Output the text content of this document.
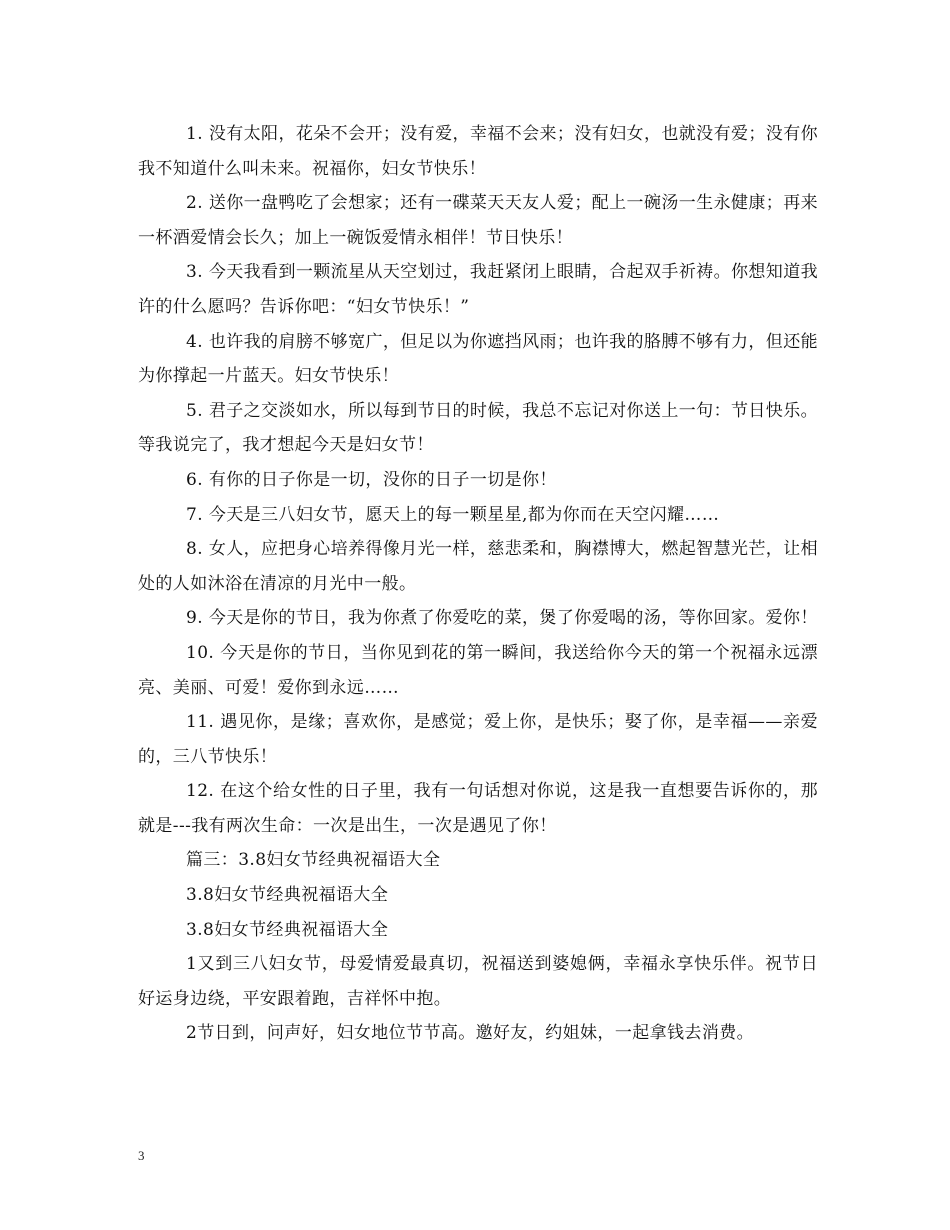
1. 没有太阳，花朵不会开；没有爱，幸福不会来；没有妇女，也就没有爱；没有你我不知道什么叫未来。祝福你，妇女节快乐！

2. 送你一盘鸭吃了会想家；还有一碟菜天天友人爱；配上一碗汤一生永健康；再来一杯酒爱情会长久；加上一碗饭爱情永相伴！节日快乐！

3. 今天我看到一颗流星从天空划过，我赶紧闭上眼睛，合起双手祈祷。你想知道我许的什么愿吗？告诉你吧：“妇女节快乐！”

4. 也许我的肩膀不够宽广，但足以为你遮挡风雨；也许我的胳膊不够有力，但还能为你撑起一片蓝天。妇女节快乐！

5. 君子之交淡如水，所以每到节日的时候，我总不忘记对你送上一句：节日快乐。等我说完了，我才想起今天是妇女节！

6. 有你的日子你是一切，没你的日子一切是你！

7. 今天是三八妇女节，愿天上的每一颗星星,都为你而在天空闪耀……

8. 女人，应把身心培养得像月光一样，慈悲柔和，胸襟博大，燃起智慧光芒，让相处的人如沐浴在清凉的月光中一般。

9. 今天是你的节日，我为你煮了你爱吃的菜，煲了你爱喝的汤，等你回家。爱你！

10. 今天是你的节日，当你见到花的第一瞬间，我送给你今天的第一个祝福永远漂亮、美丽、可爱！爱你到永远……

11. 遇见你，是缘；喜欢你，是感觉；爱上你，是快乐；娶了你，是幸福——亲爱的，三八节快乐！

12. 在这个给女性的日子里，我有一句话想对你说，这是我一直想要告诉你的，那就是---我有两次生命：一次是出生，一次是遇见了你！

篇三：3.8妇女节经典祝福语大全

3.8妇女节经典祝福语大全

3.8妇女节经典祝福语大全

1又到三八妇女节，母爱情爱最真切，祝福送到婆媳俩，幸福永享快乐伴。祝节日好运身边绕，平安跟着跑，吉祥怀中抱。

2节日到，问声好，妇女地位节节高。邀好友，约姐妹，一起拿钱去消费。

3
